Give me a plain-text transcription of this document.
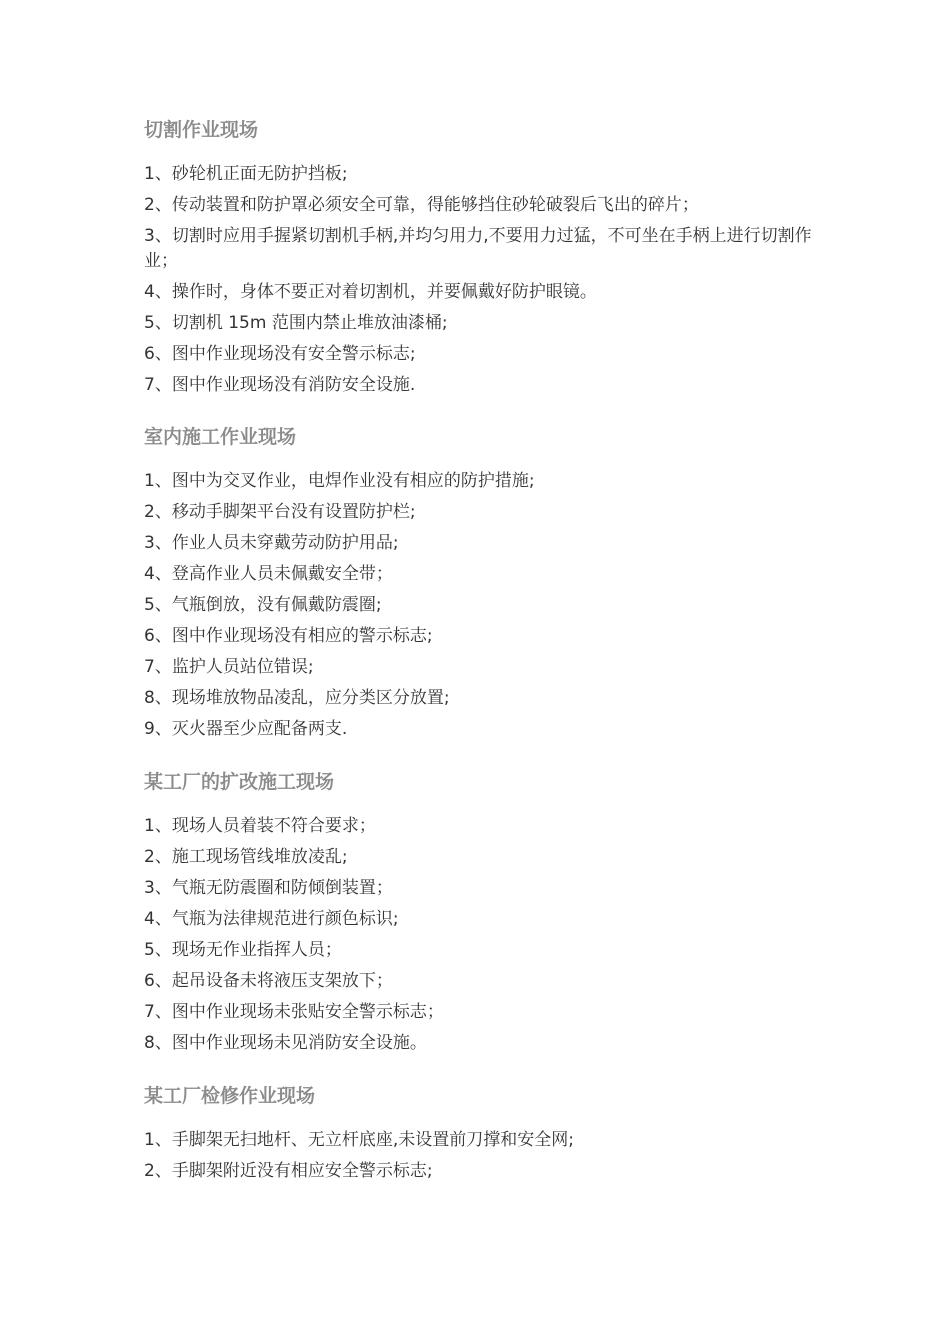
切割作业现场
1、砂轮机正面无防护挡板;
2、传动装置和防护罩必须安全可靠，得能够挡住砂轮破裂后飞出的碎片；
3、切割时应用手握紧切割机手柄,并均匀用力,不要用力过猛，不可坐在手柄上进行切割作业；
4、操作时，身体不要正对着切割机，并要佩戴好防护眼镜。
5、切割机 15m 范围内禁止堆放油漆桶;
6、图中作业现场没有安全警示标志;
7、图中作业现场没有消防安全设施.
室内施工作业现场
1、图中为交叉作业，电焊作业没有相应的防护措施;
2、移动手脚架平台没有设置防护栏;
3、作业人员未穿戴劳动防护用品;
4、登高作业人员未佩戴安全带；
5、气瓶倒放，没有佩戴防震圈;
6、图中作业现场没有相应的警示标志;
7、监护人员站位错误;
8、现场堆放物品凌乱，应分类区分放置;
9、灭火器至少应配备两支.
某工厂的扩改施工现场
1、现场人员着装不符合要求；
2、施工现场管线堆放凌乱;
3、气瓶无防震圈和防倾倒装置；
4、气瓶为法律规范进行颜色标识;
5、现场无作业指挥人员；
6、起吊设备未将液压支架放下；
7、图中作业现场未张贴安全警示标志；
8、图中作业现场未见消防安全设施。
某工厂检修作业现场
1、手脚架无扫地杆、无立杆底座,未设置前刀撑和安全网;
2、手脚架附近没有相应安全警示标志;
